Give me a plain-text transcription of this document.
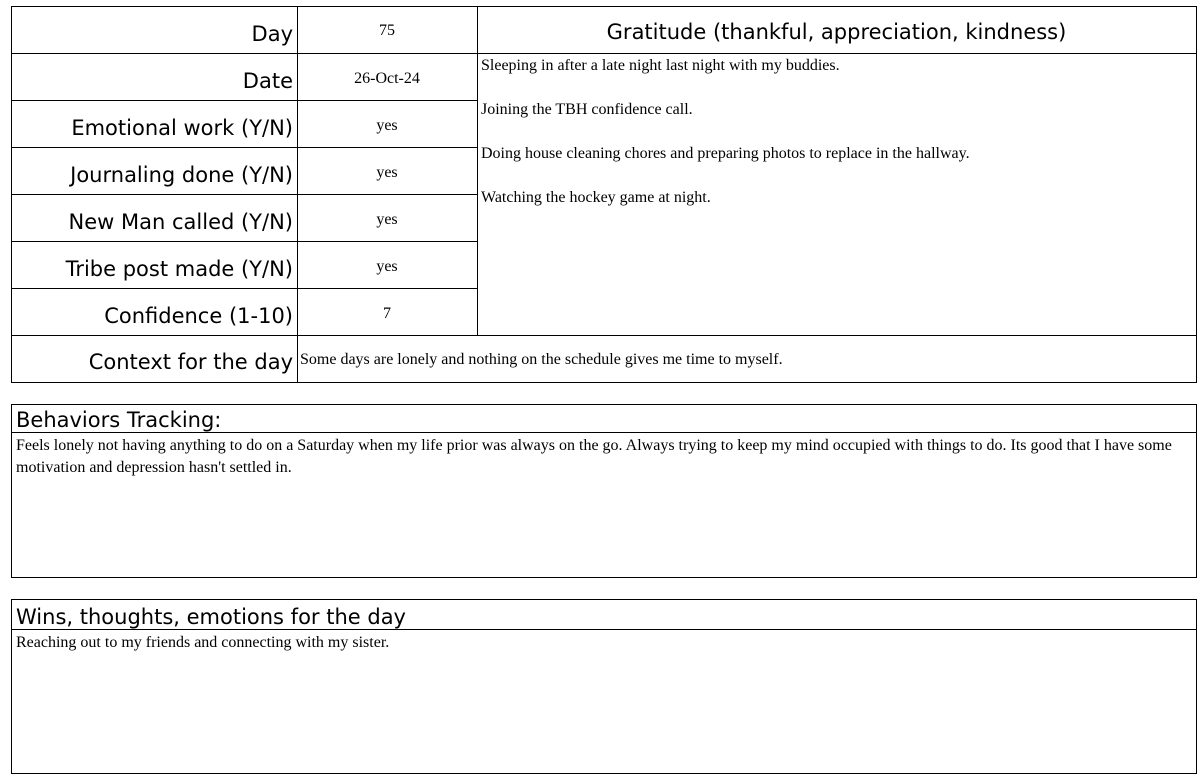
Day
Date
Emotional work (Y/N)
Journaling done (Y/N)
New Man called (Y/N)
Tribe post made (Y/N)
Confidence (1-10)
75
26-Oct-24
yes
yes
yes
yes
7
Gratitude (thankful, appreciation, kindness)
Sleeping in after a late night last night with my buddies.
Joining the TBH confidence call.
Doing house cleaning chores and preparing photos to replace in the hallway.
Watching the hockey game at night.
Context for the day Some days are lonely and nothing on the schedule gives me time to myself.
Behaviors Tracking:
Feels lonely not having anything to do on a Saturday when my life prior was always on the go. Always trying to keep my mind occupied with things to do. Its good that I have some motivation and depression hasn't settled in.
Wins, thoughts, emotions for the day
Reaching out to my friends and connecting with my sister.
